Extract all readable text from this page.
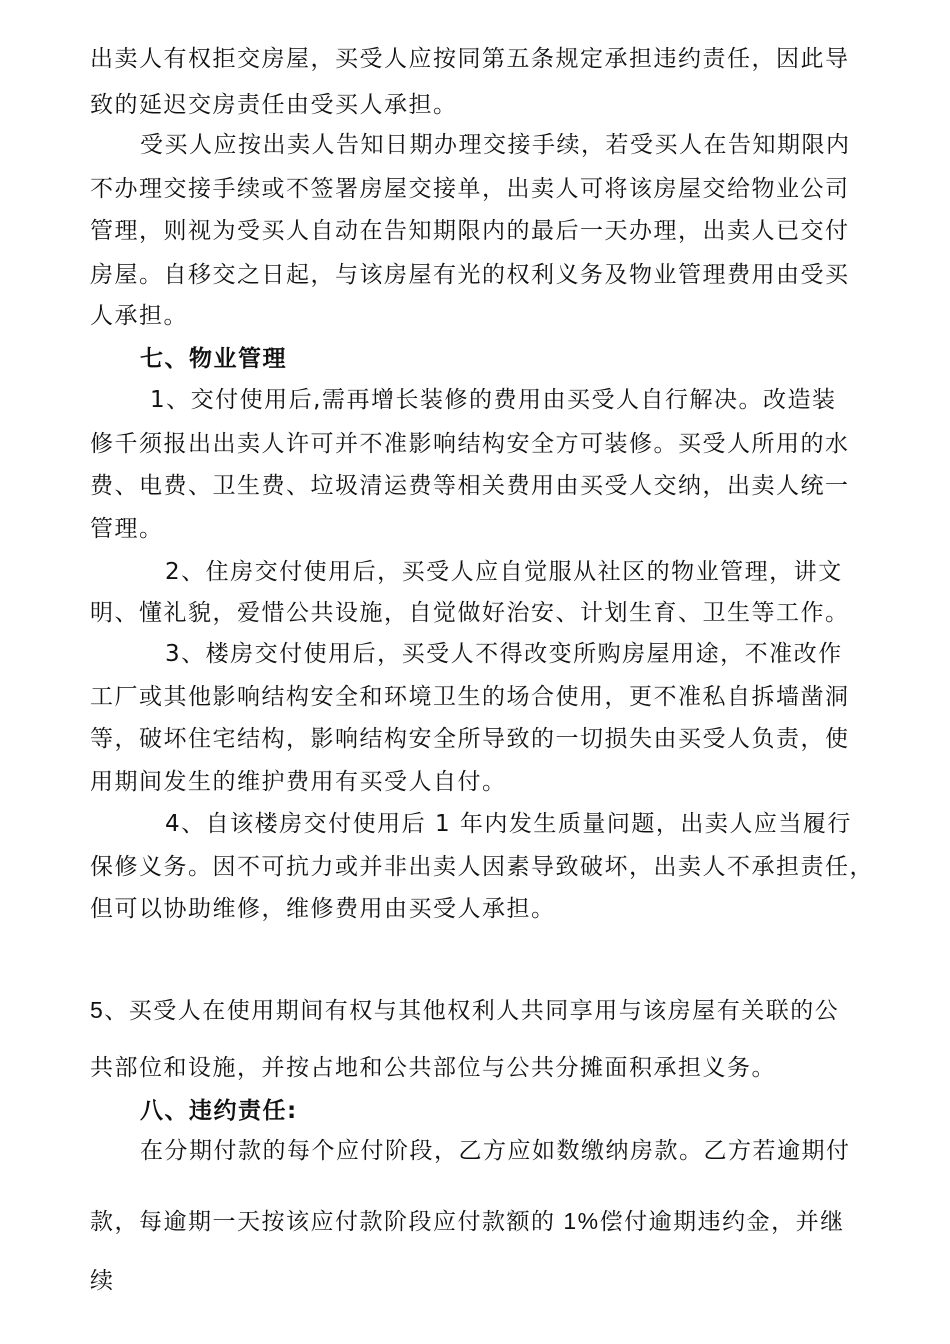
出卖人有权拒交房屋，买受人应按同第五条规定承担违约责任，因此导
致的延迟交房责任由受买人承担。
受买人应按出卖人告知日期办理交接手续，若受买人在告知期限内
不办理交接手续或不签署房屋交接单，出卖人可将该房屋交给物业公司
管理，则视为受买人自动在告知期限内的最后一天办理，出卖人已交付
房屋。自移交之日起，与该房屋有光的权利义务及物业管理费用由受买
人承担。
七、物业管理
1、交付使用后,需再增长装修的费用由买受人自行解决。改造装
修千须报出出卖人许可并不准影响结构安全方可装修。买受人所用的水
费、电费、卫生费、垃圾清运费等相关费用由买受人交纳，出卖人统一
管理。
2、住房交付使用后，买受人应自觉服从社区的物业管理，讲文
明、懂礼貌，爱惜公共设施，自觉做好治安、计划生育、卫生等工作。
3、楼房交付使用后，买受人不得改变所购房屋用途，不准改作
工厂或其他影响结构安全和环境卫生的场合使用，更不准私自拆墙凿洞
等，破坏住宅结构，影响结构安全所导致的一切损失由买受人负责，使
用期间发生的维护费用有买受人自付。
4、自该楼房交付使用后 1 年内发生质量问题，出卖人应当履行
保修义务。因不可抗力或并非出卖人因素导致破坏，出卖人不承担责任，
但可以协助维修，维修费用由买受人承担。
5、买受人在使用期间有权与其他权利人共同享用与该房屋有关联的公
共部位和设施，并按占地和公共部位与公共分摊面积承担义务。
八、违约责任:
在分期付款的每个应付阶段，乙方应如数缴纳房款。乙方若逾期付
款，每逾期一天按该应付款阶段应付款额的 1%偿付逾期违约金，并继
续
